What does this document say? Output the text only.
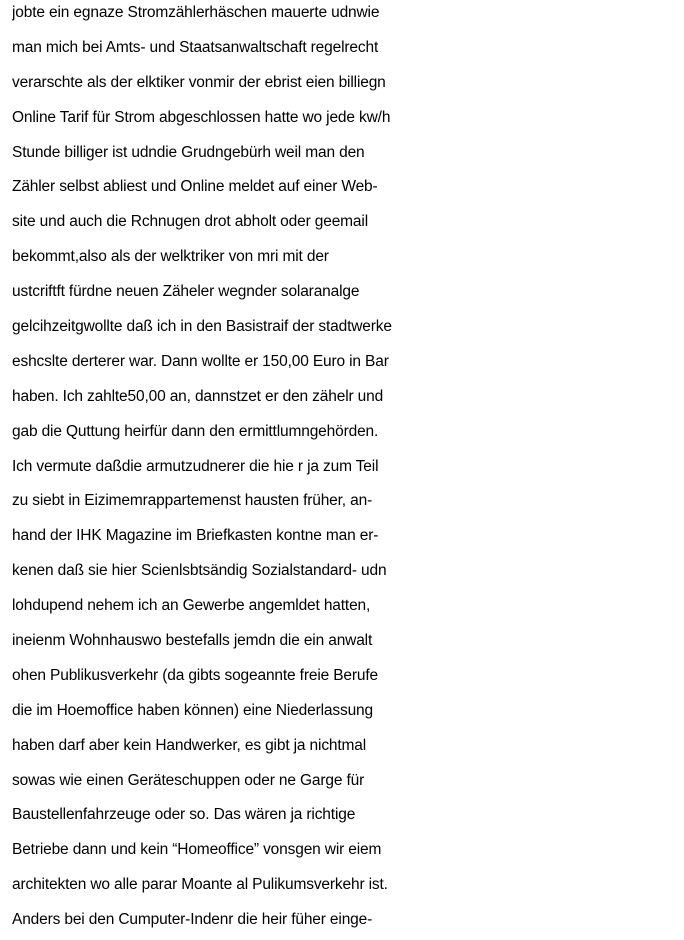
jobte ein egnaze Stromzählerhäschen mauerte udnwie
man mich bei Amts- und Staatsanwaltschaft regelrecht
verarschte als der elktiker vonmir der ebrist eien billiegn
Online Tarif für Strom abgeschlossen hatte wo jede kw/h
Stunde billiger ist udndie Grudngebürh weil man den
Zähler selbst abliest und Online meldet auf einer Web-
site und auch die Rchnugen drot abholt oder geemail
bekommt,also als der welktriker von mri mit der
ustcriftft fürdne neuen Zäheler wegnder solaranalge
gelcihzeitgwollte daß ich in den Basistraif der stadtwerke
eshcslte derterer war. Dann wollte er 150,00 Euro in Bar
haben. Ich zahlte50,00 an, dannstzet er den zähelr und
gab die Quttung heirfür dann den ermittlumngehörden.
Ich vermute daßdie armutzudnerer die hie r ja zum Teil
zu siebt in Eizimemrappartemenst hausten früher, an-
hand der IHK Magazine im Briefkasten kontne man er-
kenen daß sie hier Scienlsbtsändig Sozialstandard- udn
lohdupend nehem ich an Gewerbe angemldet hatten,
ineienm Wohnhauswo bestefalls jemdn die ein anwalt
ohen Publikusverkehr (da gibts sogeannte freie Berufe
die im Hoemoffice haben können) eine Niederlassung
haben darf aber kein Handwerker, es gibt ja nichtmal
sowas wie einen Geräteschuppen oder ne Garge für
Baustellenfahrzeuge oder so. Das wären ja richtige
Betriebe dann und kein “Homeoffice” vonsgen wir eiem
architekten wo alle parar Moante al Pulikumsverkehr ist.
Anders bei den Cumputer-Indenr die heir füher einge-
